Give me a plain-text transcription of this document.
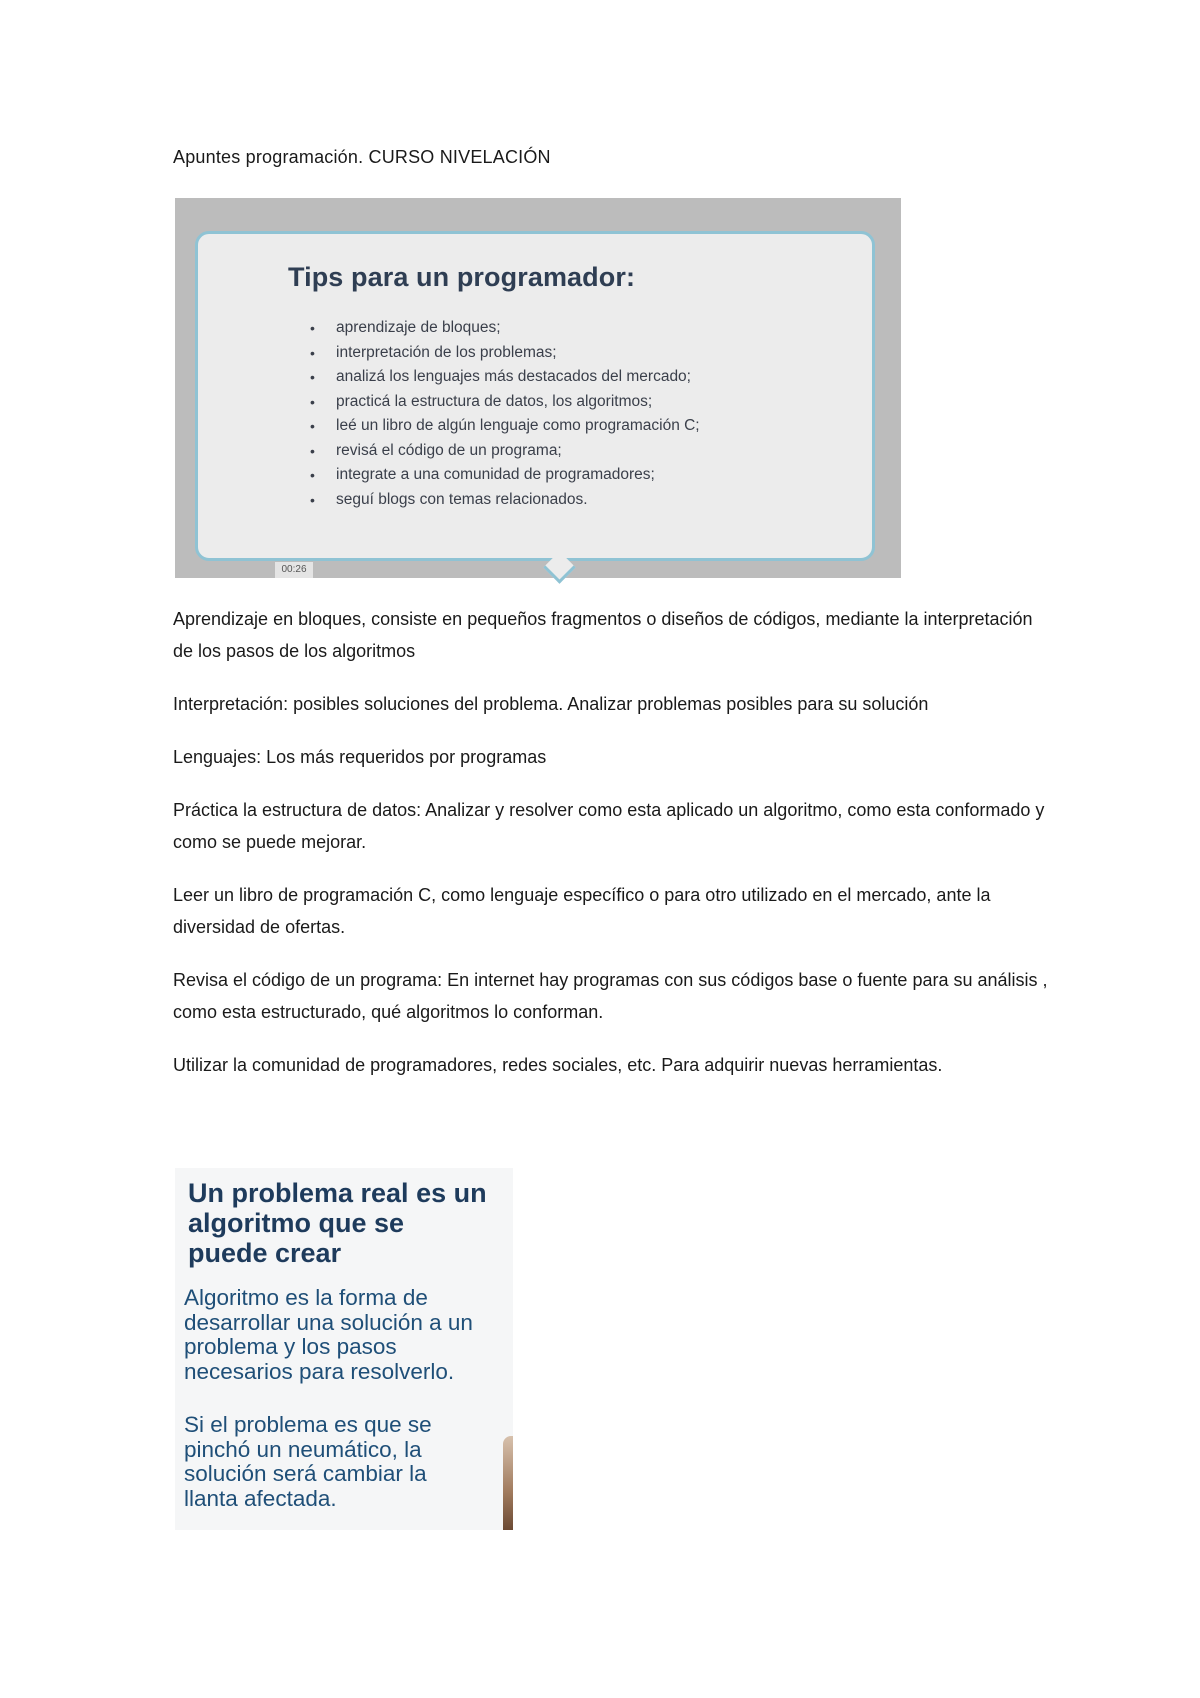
Apuntes programación. CURSO NIVELACIÓN
Tips para un programador:
• aprendizaje de bloques;
• interpretación de los problemas;
• analizá los lenguajes más destacados del mercado;
• practicá la estructura de datos, los algoritmos;
• leé un libro de algún lenguaje como programación C;
• revisá el código de un programa;
• integrate a una comunidad de programadores;
• seguí blogs con temas relacionados.
00:26

Aprendizaje en bloques, consiste en pequeños fragmentos o diseños de códigos, mediante la interpretación de los pasos de los algoritmos

Interpretación: posibles soluciones del problema. Analizar problemas posibles para su solución

Lenguajes: Los más requeridos por programas

Práctica la estructura de datos: Analizar y resolver como esta aplicado un algoritmo, como esta conformado y como se puede mejorar.

Leer un libro de programación C, como lenguaje específico o para otro utilizado en el mercado, ante la diversidad de ofertas.

Revisa el código de un programa: En internet hay programas con sus códigos base o fuente para su análisis , como esta estructurado, qué algoritmos lo conforman.

Utilizar la comunidad de programadores, redes sociales, etc. Para adquirir nuevas herramientas.

Un problema real es un
algoritmo que se
puede crear
Algoritmo es la forma de
desarrollar una solución a un
problema y los pasos
necesarios para resolverlo.
Si el problema es que se
pinchó un neumático, la
solución será cambiar la
llanta afectada.
